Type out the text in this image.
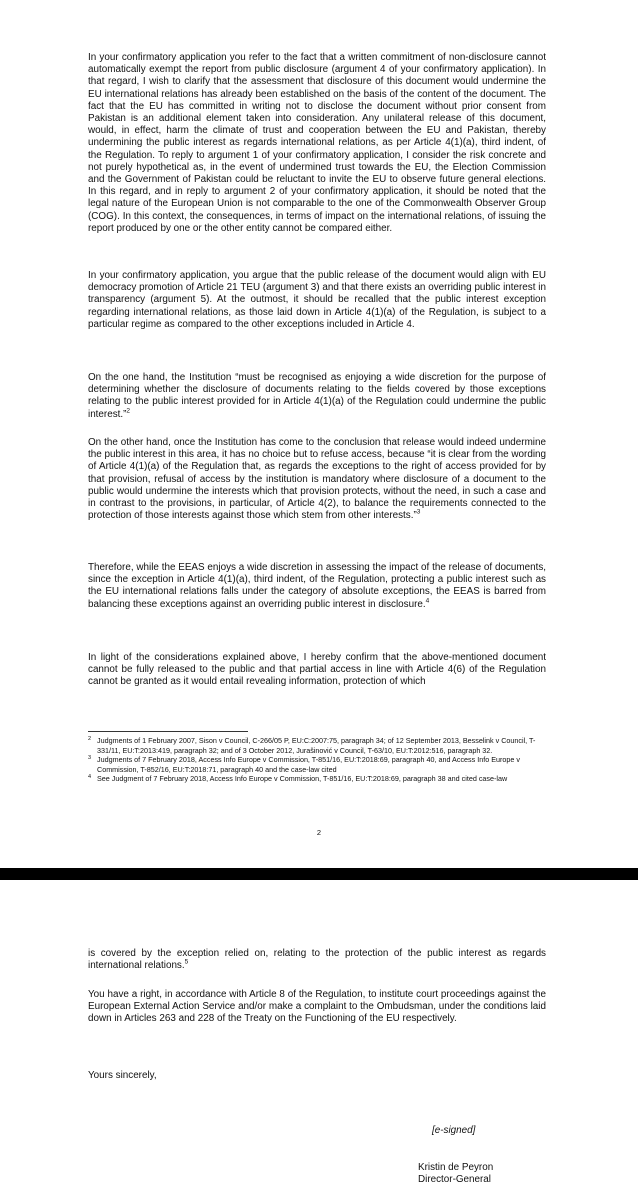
In your confirmatory application you refer to the fact that a written commitment of non-disclosure cannot automatically exempt the report from public disclosure (argument 4 of your confirmatory application). In that regard, I wish to clarify that the assessment that disclosure of this document would undermine the EU international relations has already been established on the basis of the content of the document. The fact that the EU has committed in writing not to disclose the document without prior consent from Pakistan is an additional element taken into consideration. Any unilateral release of this document, would, in effect, harm the climate of trust and cooperation between the EU and Pakistan, thereby undermining the public interest as regards international relations, as per Article 4(1)(a), third indent, of the Regulation. To reply to argument 1 of your confirmatory application, I consider the risk concrete and not purely hypothetical as, in the event of undermined trust towards the EU, the Election Commission and the Government of Pakistan could be reluctant to invite the EU to observe future general elections. In this regard, and in reply to argument 2 of your confirmatory application, it should be noted that the legal nature of the European Union is not comparable to the one of the Commonwealth Observer Group (COG). In this context, the consequences, in terms of impact on the international relations, of issuing the report produced by one or the other entity cannot be compared either.

In your confirmatory application, you argue that the public release of the document would align with EU democracy promotion of Article 21 TEU (argument 3) and that there exists an overriding public interest in transparency (argument 5). At the outmost, it should be recalled that the public interest exception regarding international relations, as those laid down in Article 4(1)(a) of the Regulation, is subject to a particular regime as compared to the other exceptions included in Article 4.

On the one hand, the Institution “must be recognised as enjoying a wide discretion for the purpose of determining whether the disclosure of documents relating to the fields covered by those exceptions relating to the public interest provided for in Article 4(1)(a) of the Regulation could undermine the public interest.”$^2$

On the other hand, once the Institution has come to the conclusion that release would indeed undermine the public interest in this area, it has no choice but to refuse access, because “it is clear from the wording of Article 4(1)(a) of the Regulation that, as regards the exceptions to the right of access provided for by that provision, refusal of access by the institution is mandatory where disclosure of a document to the public would undermine the interests which that provision protects, without the need, in such a case and in contrast to the provisions, in particular, of Article 4(2), to balance the requirements connected to the protection of those interests against those which stem from other interests.”$^3$

Therefore, while the EEAS enjoys a wide discretion in assessing the impact of the release of documents, since the exception in Article 4(1)(a), third indent, of the Regulation, protecting a public interest such as the EU international relations falls under the category of absolute exceptions, the EEAS is barred from balancing these exceptions against an overriding public interest in disclosure.$^4$

In light of the considerations explained above, I hereby confirm that the above-mentioned document cannot be fully released to the public and that partial access in line with Article 4(6) of the Regulation cannot be granted as it would entail revealing information, protection of which

2 Judgments of 1 February 2007, Sison v Council, C-266/05 P, EU:C:2007:75, paragraph 34; of 12 September 2013, Besselink v Council, T-331/11, EU:T:2013:419, paragraph 32; and of 3 October 2012, Jurašinović v Council, T-63/10, EU:T:2012:516, paragraph 32.

3 Judgments of 7 February 2018, Access Info Europe v Commission, T-851/16, EU:T:2018:69, paragraph 40, and Access Info Europe v Commission, T-852/16, EU:T:2018:71, paragraph 40 and the case-law cited

4 See Judgment of 7 February 2018, Access Info Europe v Commission, T-851/16, EU:T:2018:69, paragraph 38 and cited case-law

2

is covered by the exception relied on, relating to the protection of the public interest as regards international relations.$^5$

You have a right, in accordance with Article 8 of the Regulation, to institute court proceedings against the European External Action Service and/or make a complaint to the Ombudsman, under the conditions laid down in Articles 263 and 228 of the Treaty on the Functioning of the EU respectively.

Yours sincerely,
[e-signed]
Kristin de Peyron
Director-General
